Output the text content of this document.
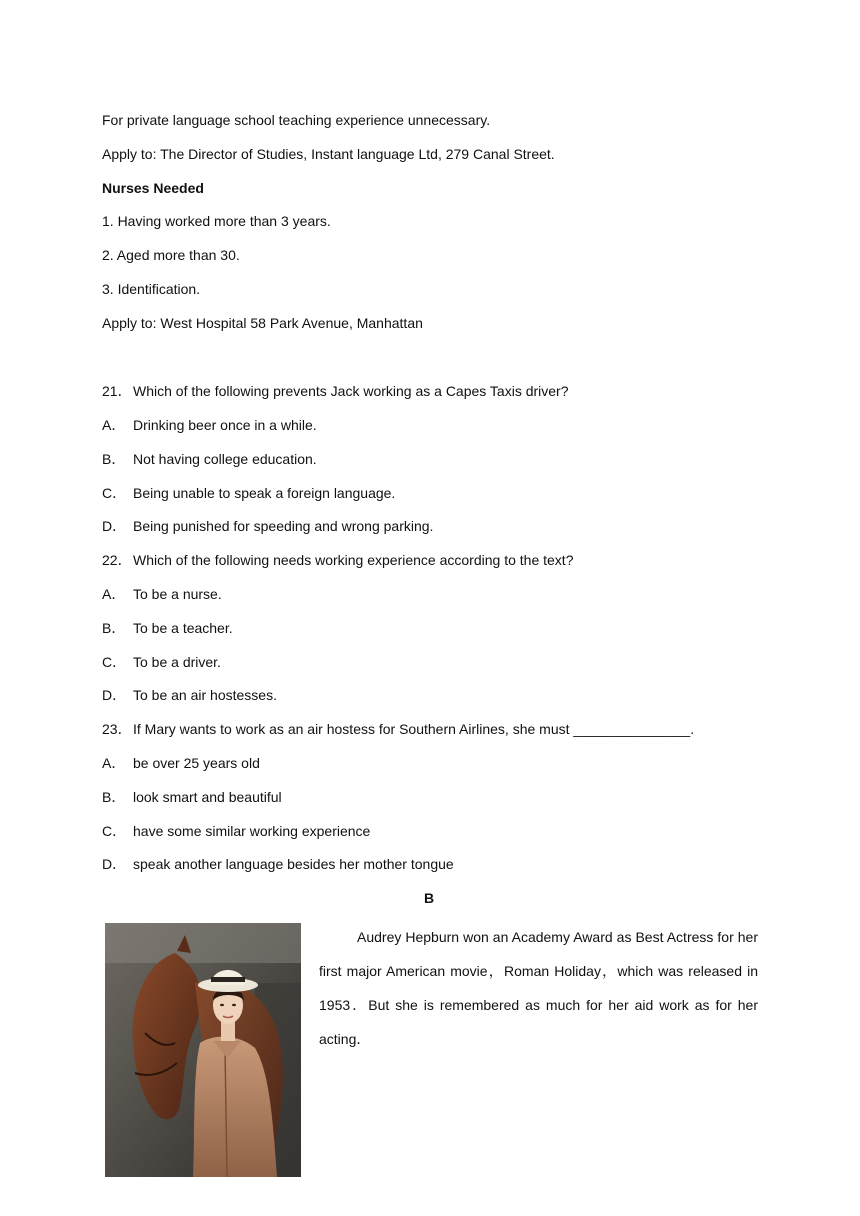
For private language school teaching experience unnecessary.
Apply to: The Director of Studies, Instant language Ltd, 279 Canal Street.
Nurses Needed
1. Having worked more than 3 years.
2. Aged more than 30.
3. Identification.
Apply to: West Hospital 58 Park Avenue, Manhattan
21．Which of the following prevents Jack working as a Capes Taxis driver?
A． Drinking beer once in a while.
B． Not having college education.
C． Being unable to speak a foreign language.
D． Being punished for speeding and wrong parking.
22．Which of the following needs working experience according to the text?
A． To be a nurse.
B． To be a teacher.
C． To be a driver.
D． To be an air hostesses.
23．If Mary wants to work as an air hostess for Southern Airlines, she must _______________.
A． be over 25 years old
B． look smart and beautiful
C． have some similar working experience
D． speak another language besides her mother tongue
B
Audrey Hepburn won an Academy Award as Best Actress for her first major American movie，Roman Holiday，which was released in 1953．But she is remembered as much for her aid work as for her acting．
